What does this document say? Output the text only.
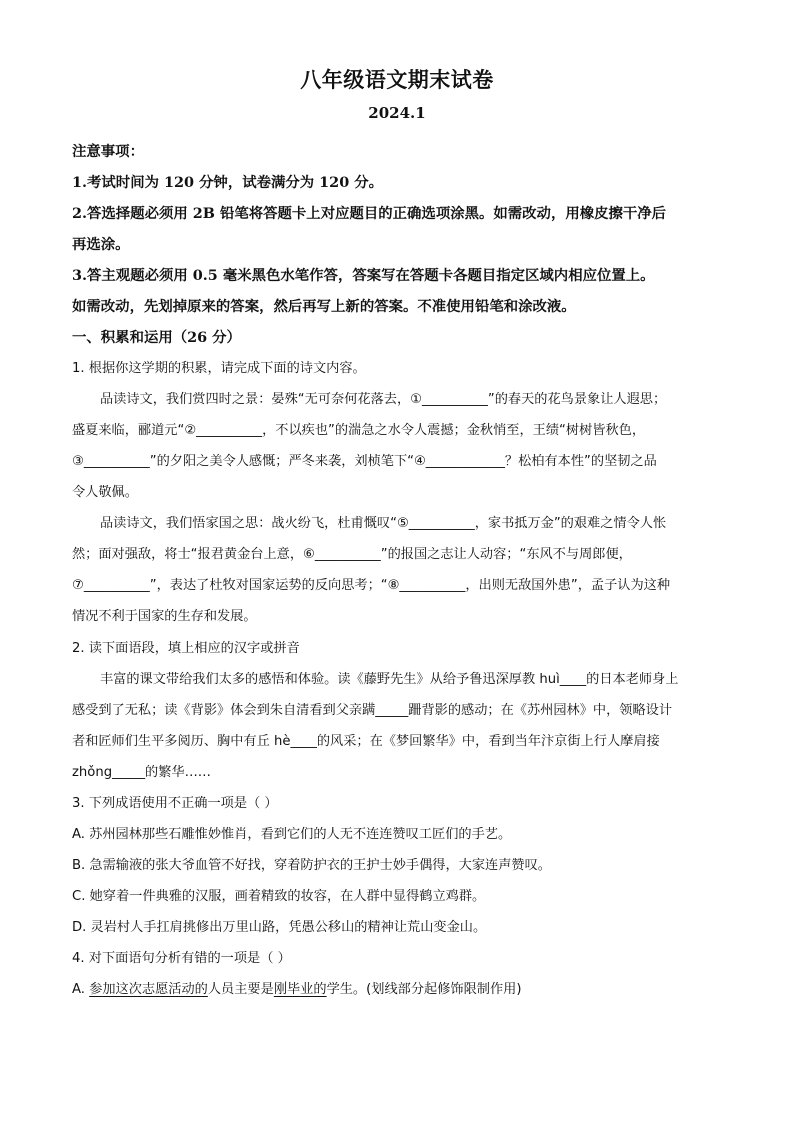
八年级语文期末试卷
2024.1
注意事项：
1.考试时间为 120 分钟，试卷满分为 120 分。
2.答选择题必须用 2B 铅笔将答题卡上对应题目的正确选项涂黑。如需改动，用橡皮擦干净后
再选涂。
3.答主观题必须用 0.5 毫米黑色水笔作答，答案写在答题卡各题目指定区域内相应位置上。
如需改动，先划掉原来的答案，然后再写上新的答案。不准使用铅笔和涂改液。
一、积累和运用（26 分）
1. 根据你这学期的积累，请完成下面的诗文内容。
品读诗文，我们赏四时之景：晏殊“无可奈何花落去，①__________”的春天的花鸟景象让人遐思；
盛夏来临，郦道元“②__________，不以疾也”的湍急之水令人震撼；金秋悄至，王绩“树树皆秋色，
③__________”的夕阳之美令人感慨；严冬来袭，刘桢笔下“④____________？松柏有本性”的坚韧之品
令人敬佩。
品读诗文，我们悟家国之思：战火纷飞，杜甫慨叹“⑤__________，家书抵万金”的艰难之情令人怅
然；面对强敌，将士“报君黄金台上意，⑥__________”的报国之志让人动容；“东风不与周郎便，
⑦__________”，表达了杜牧对国家运势的反向思考；“⑧__________，出则无敌国外患”，孟子认为这种
情况不利于国家的生存和发展。
2. 读下面语段，填上相应的汉字或拼音
丰富的课文带给我们太多的感悟和体验。读《藤野先生》从给予鲁迅深厚教 huì____的日本老师身上
感受到了无私；读《背影》体会到朱自清看到父亲蹒_____跚背影的感动；在《苏州园林》中，领略设计
者和匠师们生平多阅历、胸中有丘 hè____的风采；在《梦回繁华》中，看到当年汴京街上行人摩肩接
zhǒng_____的繁华……
3. 下列成语使用不正确一项是（ ）
A. 苏州园林那些石雕惟妙惟肖，看到它们的人无不连连赞叹工匠们的手艺。
B. 急需输液的张大爷血管不好找，穿着防护衣的王护士妙手偶得，大家连声赞叹。
C. 她穿着一件典雅的汉服，画着精致的妆容，在人群中显得鹤立鸡群。
D. 灵岩村人手扛肩挑修出万里山路，凭愚公移山的精神让荒山变金山。
4. 对下面语句分析有错的一项是（ ）
A. 参加这次志愿活动的人员主要是刚毕业的学生。(划线部分起修饰限制作用)
